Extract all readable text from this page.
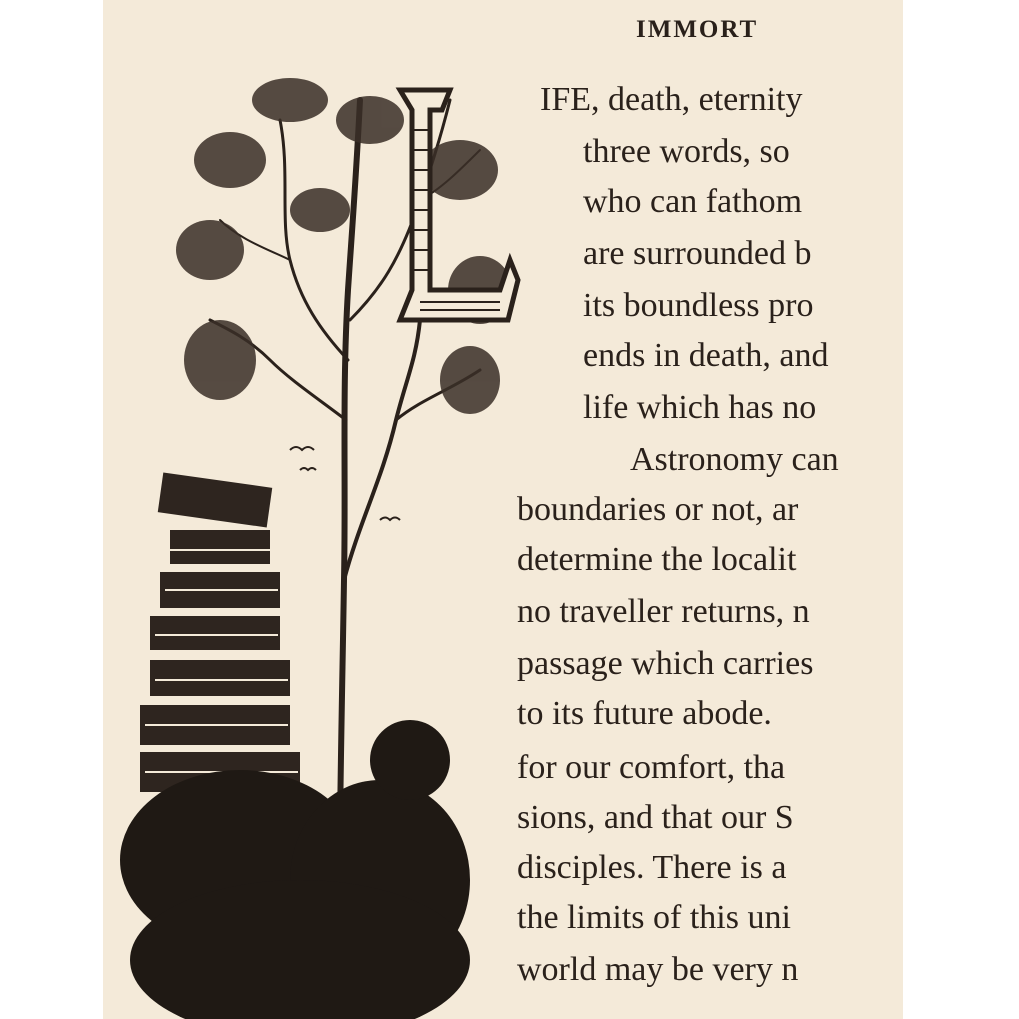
IMMORT
IFE, death, eternity
three words, so
who can fathom
are surrounded b
its boundless pro
ends in death, and
life which has no
Astronomy can
boundaries or not, ar
determine the localit
no traveller returns, n
passage which carries
to its future abode.
for our comfort, tha
sions, and that our S
disciples. There is a
the limits of this uni
world may be very n
